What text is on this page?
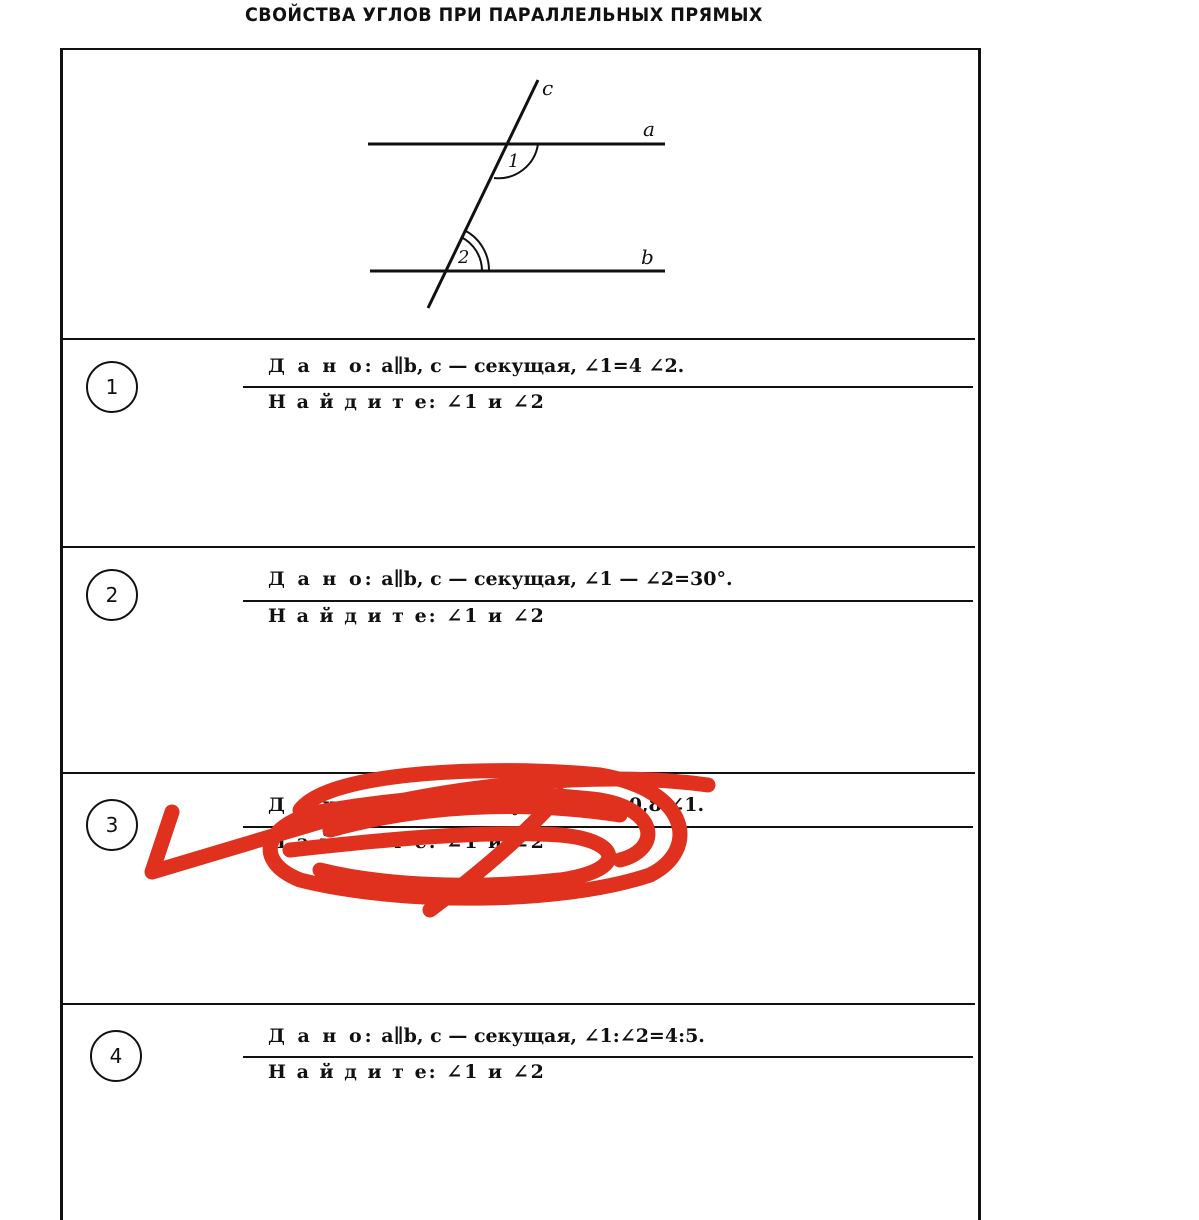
СВОЙСТВА УГЛОВ ПРИ ПАРАЛЛЕЛЬНЫХ ПРЯМЫХ
c
a
b
1
2
1
Д а н о: a∥b, c — секущая, ∠1=4 ∠2.
Н а й д и т е: ∠1 и ∠2
2
Д а н о: a∥b, c — секущая, ∠1 — ∠2=30°.
Н а й д и т е: ∠1 и ∠2
3
Д а н о: a∥b, c — секущая, ∠2=0,8 ∠1.
Н а й д и т е: ∠1 и ∠2
4
Д а н о: a∥b, c — секущая, ∠1:∠2=4:5.
Н а й д и т е: ∠1 и ∠2
